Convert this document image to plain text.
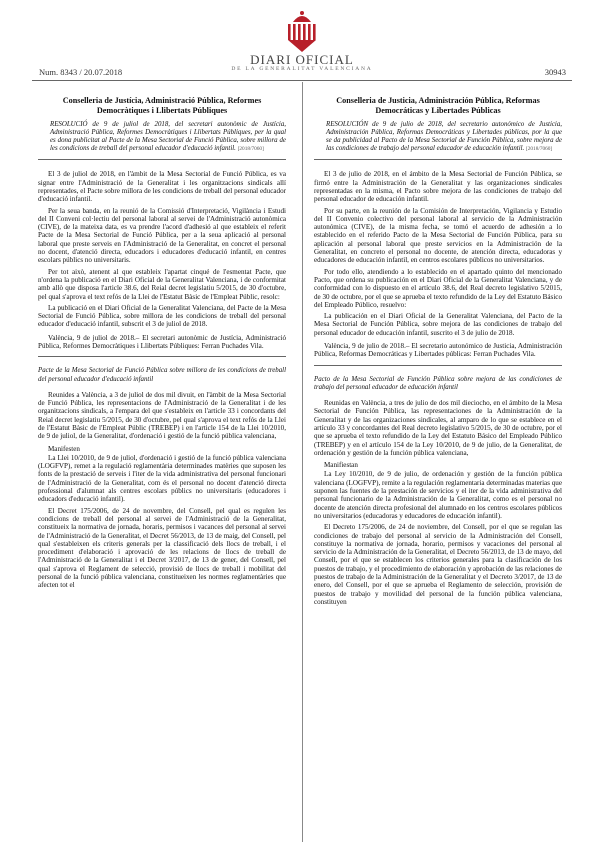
DIARI OFICIAL
DE LA GENERALITAT VALENCIANA
Num. 8343 / 20.07.2018	30943
Conselleria de Justícia, Administració Pública, Reformes Democràtiques i Llibertats Públiques
RESOLUCIÓ de 9 de juliol de 2018, del secretari autonòmic de Justícia, Administració Pública, Reformes Democràtiques i Llibertats Públiques, per la qual es dona publicitat al Pacte de la Mesa Sectorial de Funció Pública, sobre millora de les condicions de treball del personal educador d'educació infantil. [2018/7060]

El 3 de juliol de 2018, en l'àmbit de la Mesa Sectorial de Funció Pública, es va signar entre l'Administració de la Generalitat i les organitzacions sindicals allí representades, el Pacte sobre millora de les condicions de treball del personal educador d'educació infantil.

Per la seua banda, en la reunió de la Comissió d'Interpretació, Vigilància i Estudi del II Conveni col·lectiu del personal laboral al servei de l'Administració autonòmica (CIVE), de la mateixa data, es va prendre l'acord d'adhesió al que estableix el referit Pacte de la Mesa Sectorial de Funció Pública, per a la seua aplicació al personal laboral que preste serveis en l'Administració de la Generalitat, en concret el personal no docent, d'atenció directa, educadors i educadores d'educació infantil, en centres escolars públics no universitaris.

Per tot això, atenent al que estableix l'apartat cinqué de l'esmentat Pacte, que n'ordena la publicació en el Diari Oficial de la Generalitat Valenciana, i de conformitat amb allò que disposa l'article 38.6, del Reial decret legislatiu 5/2015, de 30 d'octubre, pel qual s'aprova el text refós de la Llei de l'Estatut Bàsic de l'Empleat Públic, resolc:

La publicació en el Diari Oficial de la Generalitat Valenciana, del Pacte de la Mesa Sectorial de Funció Pública, sobre millora de les condicions de treball del personal educador d'educació infantil, subscrit el 3 de juliol de 2018.

València, 9 de juliol de 2018.– El secretari autonòmic de Justícia, Administració Pública, Reformes Democràtiques i Llibertats Públiques: Ferran Puchades Vila.

Pacte de la Mesa Sectorial de Funció Pública sobre millora de les condicions de treball del personal educador d'educació infantil

Reunides a València, a 3 de juliol de dos mil divuit, en l'àmbit de la Mesa Sectorial de Funció Pública, les representacions de l'Administració de la Generalitat i de les organitzacions sindicals, a l'empara del que s'estableix en l'article 33 i concordants del Reial decret legislatiu 5/2015, de 30 d'octubre, pel qual s'aprova el text refós de la Llei de l'Estatut Bàsic de l'Empleat Públic (TREBEP) i en l'article 154 de la Llei 10/2010, de 9 de juliol, de la Generalitat, d'ordenació i gestió de la funció pública valenciana,

Manifesten

La Llei 10/2010, de 9 de juliol, d'ordenació i gestió de la funció pública valenciana (LOGFVP), remet a la regulació reglamentària determinades matèries que suposen les fonts de la prestació de serveis i l'iter de la vida administrativa del personal funcionari de l'Administració de la Generalitat, com és el personal no docent d'atenció directa professional d'alumnat als centres escolars públics no universitaris (educadores i educadors d'educació infantil).

El Decret 175/2006, de 24 de novembre, del Consell, pel qual es regulen les condicions de treball del personal al servei de l'Administració de la Generalitat, constitueix la normativa de jornada, horaris, permisos i vacances del personal al servei de l'Administració de la Generalitat, el Decret 56/2013, de 13 de maig, del Consell, pel qual s'estableixen els criteris generals per la classificació dels llocs de treball, i el procediment d'elaboració i aprovació de les relacions de llocs de treball de l'Administració de la Generalitat i el Decret 3/2017, de 13 de gener, del Consell, pel qual s'aprova el Reglament de selecció, provisió de llocs de treball i mobilitat del personal de la funció pública valenciana, constitueixen les normes reglamentàries que afecten tot el

Conselleria de Justicia, Administración Pública, Reformas Democráticas y Libertades Públicas
RESOLUCIÓN de 9 de julio de 2018, del secretario autonómico de Justicia, Administración Pública, Reformas Democráticas y Libertades públicas, por la que se da publicidad al Pacto de la Mesa Sectorial de Función Pública, sobre mejora de las condiciones de trabajo del personal educador de educación infantil. [2018/7060]

El 3 de julio de 2018, en el ámbito de la Mesa Sectorial de Función Pública, se firmó entre la Administración de la Generalitat y las organizaciones sindicales representadas en la misma, el Pacto sobre mejora de las condiciones de trabajo del personal educador de educación infantil.

Por su parte, en la reunión de la Comisión de Interpretación, Vigilancia y Estudio del II Convenio colectivo del personal laboral al servicio de la Administración autonómica (CIVE), de la misma fecha, se tomó el acuerdo de adhesión a lo establecido en el referido Pacto de la Mesa Sectorial de Función Pública, para su aplicación al personal laboral que preste servicios en la Administración de la Generalitat, en concreto el personal no docente, de atención directa, educadoras y educadores de educación infantil, en centros escolares públicos no universitarios.

Por todo ello, atendiendo a lo establecido en el apartado quinto del mencionado Pacto, que ordena su publicación en el Diari Oficial de la Generalitat Valenciana, y de conformidad con lo dispuesto en el artículo 38.6, del Real decreto legislativo 5/2015, de 30 de octubre, por el que se aprueba el texto refundido de la Ley del Estatuto Básico del Empleado Público, resuelvo:

La publicación en el Diari Oficial de la Generalitat Valenciana, del Pacto de la Mesa Sectorial de Función Pública, sobre mejora de las condiciones de trabajo del personal educador de educación infantil, suscrito el 3 de julio de 2018.

València, 9 de julio de 2018.– El secretario autonómico de Justicia, Administración Pública, Reformas Democráticas y Libertades públicas: Ferran Puchades Vila.

Pacto de la Mesa Sectorial de Función Pública sobre mejora de las condiciones de trabajo del personal educador de educación infantil

Reunidas en València, a tres de julio de dos mil dieciocho, en el ámbito de la Mesa Sectorial de Función Pública, las representaciones de la Administración de la Generalitat y de las organizaciones sindicales, al amparo de lo que se establece en el artículo 33 y concordantes del Real decreto legislativo 5/2015, de 30 de octubre, por el que se aprueba el texto refundido de la Ley del Estatuto Básico del Empleado Público (TREBEP) y en el artículo 154 de la Ley 10/2010, de 9 de julio, de la Generalitat, de ordenación y gestión de la función pública valenciana,

Manifiestan

La Ley 10/2010, de 9 de julio, de ordenación y gestión de la función pública valenciana (LOGFVP), remite a la regulación reglamentaria determinadas materias que suponen las fuentes de la prestación de servicios y el iter de la vida administrativa del personal funcionario de la Administración de la Generalitat, como es el personal no docente de atención directa profesional del alumnado en los centros escolares públicos no universitarios (educadoras y educadores de educación infantil).

El Decreto 175/2006, de 24 de noviembre, del Consell, por el que se regulan las condiciones de trabajo del personal al servicio de la Administración del Consell, constituye la normativa de jornada, horario, permisos y vacaciones del personal al servicio de la Administración de la Generalitat, el Decreto 56/2013, de 13 de mayo, del Consell, por el que se establecen los criterios generales para la clasificación de los puestos de trabajo, y el procedimiento de elaboración y aprobación de las relaciones de puestos de trabajo de la Administración de la Generalitat y el Decreto 3/2017, de 13 de enero, del Consell, por el que se aprueba el Reglamento de selección, provisión de puestos de trabajo y movilidad del personal de la función pública valenciana, constituyen
